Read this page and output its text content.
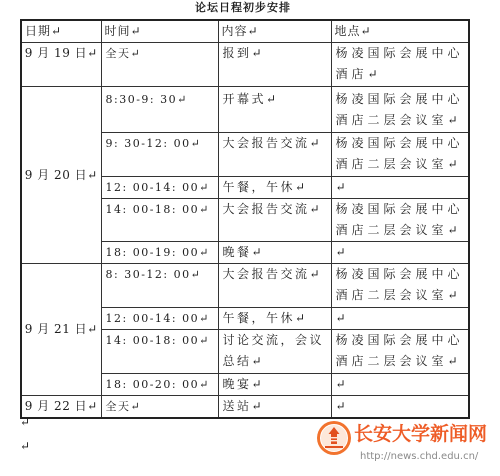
论坛日程初步安排
日期↵	时间↵	内容↵	地点↵
9 月 19 日↵	全天↵	报到↵	杨凌国际会展中心
酒店↵

9 月 20 日↵	8:30-9: 30↵	开幕式↵	杨凌国际会展中心
酒店二层会议室↵

	9: 30-12: 00↵	大会报告交流↵	杨凌国际会展中心
酒店二层会议室↵

	12: 00-14: 00↵	午餐，午休↵	↵

	14: 00-18: 00↵	大会报告交流↵	杨凌国际会展中心
酒店二层会议室↵

	18: 00-19: 00↵	晚餐↵	↵

9 月 21 日↵	8: 30-12: 00↵	大会报告交流↵	杨凌国际会展中心
酒店二层会议室↵

	12: 00-14: 00↵	午餐，午休↵	↵

	14: 00-18: 00↵	讨论交流，会议
总结↵	杨凌国际会展中心
酒店二层会议室↵

	18: 00-20: 00↵	晚宴↵	↵

9 月 22 日↵	全天↵	送站↵	↵
↵
↵
长安大学新闻网
http://news.chd.edu.cn/
